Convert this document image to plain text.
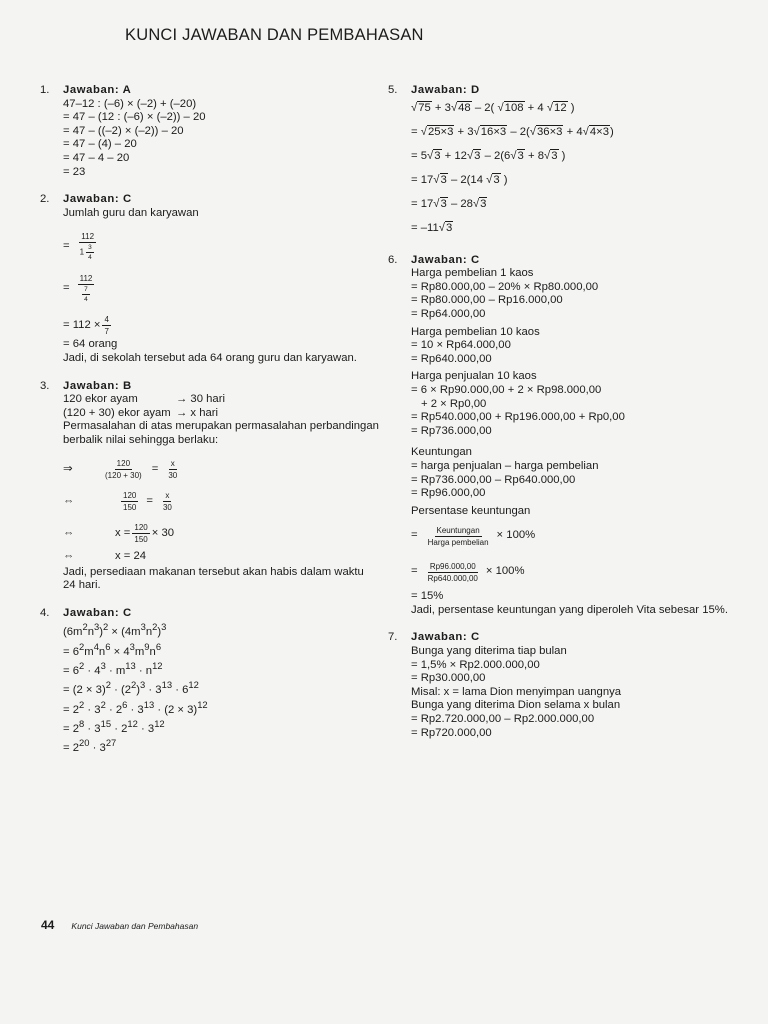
KUNCI JAWABAN DAN PEMBAHASAN
1. Jawaban: A
47–12 : (–6) × (–2) + (–20)
= 47 – (12 : (–6) × (–2)) – 20
= 47 – ((–2) × (–2)) – 20
= 47 – (4) – 20
= 47 – 4 – 20
= 23
2. Jawaban: C
Jumlah guru dan karyawan
= $\frac{112}{1 \frac{3}{4}}$
= $\frac{112}{\frac{7}{4}}$
= $112 \times \frac{4}{7}$
= 64 orang
Jadi, di sekolah tersebut ada 64 orang guru dan karyawan.
3. Jawaban: B
120 ekor ayam	→ 30 hari
(120 + 30) ekor ayam → x hari
Permasalahan di atas merupakan permasalahan perbandingan
berbalik nilai sehingga berlaku:
⇒	$\frac{120}{(120 + 30)} = \frac{x}{30}$
⇔	$\frac{120}{150} = \frac{x}{30}$
⇔	$x = \frac{120}{150} \times 30$
⇔	x = 24
Jadi, persediaan makanan tersebut akan habis dalam waktu
24 hari.
4. Jawaban: C
$(6m^2n^3)^2 \times (4m^3n^2)^3$
= $6^2m^4n^6 \times 4^3m^9n^6$
= $6^2 \cdot 4^3 \cdot m^{13} \cdot n^{12}$
= $(2 \times 3)^2 \cdot (2^2)^3 \cdot 3^{13} \cdot 6^{12}$
= $2^2 \cdot 3^2 \cdot 2^6 \cdot 3^{13} \cdot (2 \times 3)^{12}$
= $2^8 \cdot 3^{15} \cdot 2^{12} \cdot 3^{12}$
= $2^{20} \cdot 3^{27}$
5. Jawaban: D
√75 + 3√48 – 2( √108 + 4 √12 )
= √25×3 + 3√16×3 – 2(√36×3 + 4√4×3)
= 5√3 + 12√3 – 2(6√3 + 8√3 )
= 17√3 – 2(14 √3 )
= 17√3 – 28√3
= –11√3
6. Jawaban: C
Harga pembelian 1 kaos
= Rp80.000,00 – 20% × Rp80.000,00
= Rp80.000,00 – Rp16.000,00
= Rp64.000,00
Harga pembelian 10 kaos
= 10 × Rp64.000,00
= Rp640.000,00
Harga penjualan 10 kaos
= 6 × Rp90.000,00 + 2 × Rp98.000,00
+ 2 × Rp0,00
= Rp540.000,00 + Rp196.000,00 + Rp0,00
= Rp736.000,00
Keuntungan
= harga penjualan – harga pembelian
= Rp736.000,00 – Rp640.000,00
= Rp96.000,00
Persentase keuntungan
= $\frac{\text{Keuntungan}}{\text{Harga pembelian}} \times 100\%$
= $\frac{Rp96.000,00}{Rp640.000,00} \times 100\%$
= 15%
Jadi, persentase keuntungan yang diperoleh Vita sebesar 15%.
7. Jawaban: C
Bunga yang diterima tiap bulan
= 1,5% × Rp2.000.000,00
= Rp30.000,00
Misal: x = lama Dion menyimpan uangnya
Bunga yang diterima Dion selama x bulan
= Rp2.720.000,00 – Rp2.000.000,00
= Rp720.000,00
44 Kunci Jawaban dan Pembahasan
